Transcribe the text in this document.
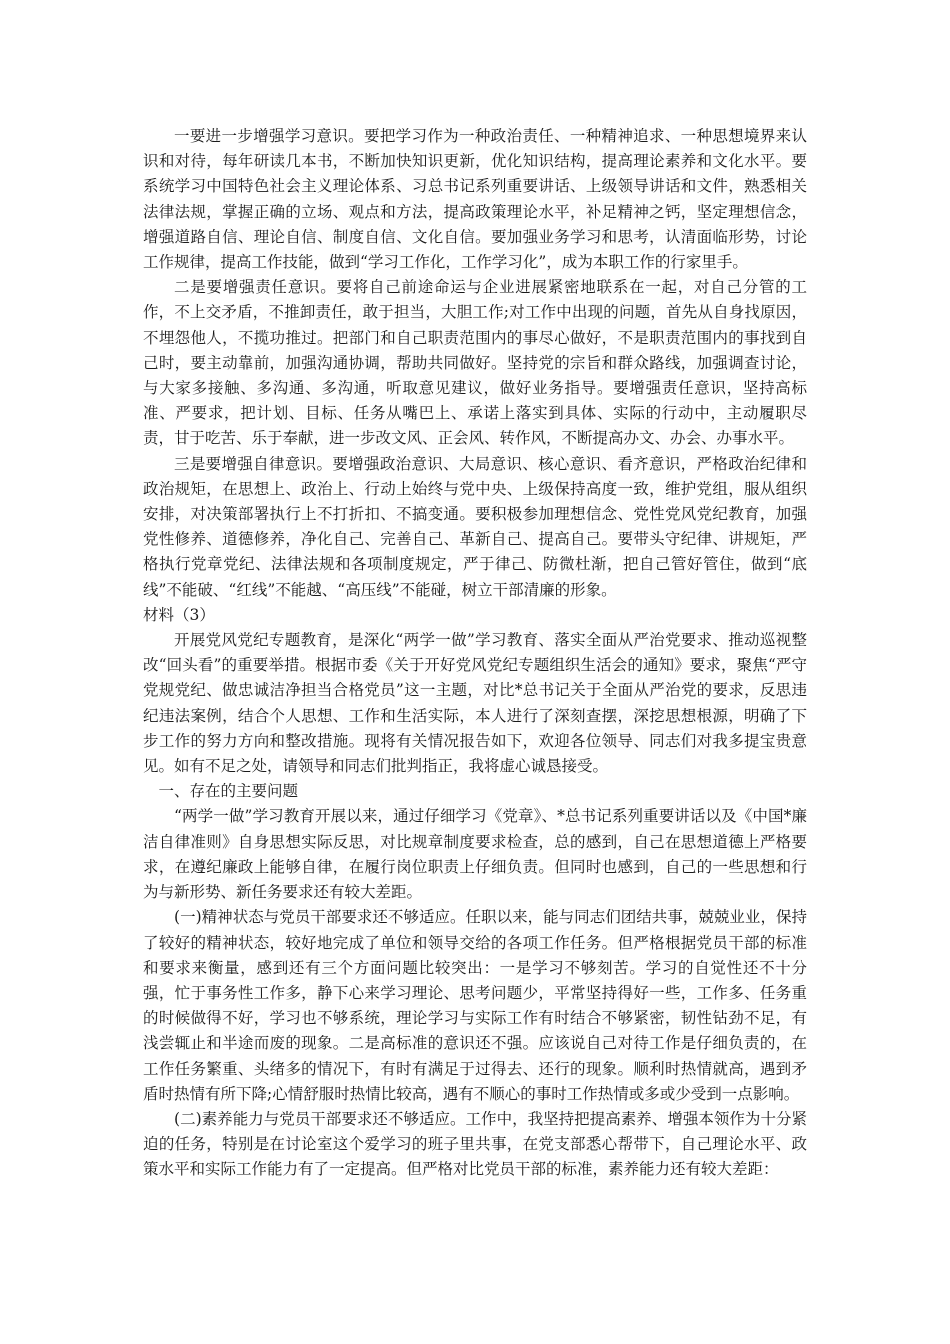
一要进一步增强学习意识。要把学习作为一种政治责任、一种精神追求、一种思想境界来认识和对待，每年研读几本书，不断加快知识更新，优化知识结构，提高理论素养和文化水平。要系统学习中国特色社会主义理论体系、习总书记系列重要讲话、上级领导讲话和文件，熟悉相关法律法规，掌握正确的立场、观点和方法，提高政策理论水平，补足精神之钙，坚定理想信念，增强道路自信、理论自信、制度自信、文化自信。要加强业务学习和思考，认清面临形势，讨论工作规律，提高工作技能，做到“学习工作化，工作学习化”，成为本职工作的行家里手。

二是要增强责任意识。要将自己前途命运与企业进展紧密地联系在一起，对自己分管的工作，不上交矛盾，不推卸责任，敢于担当，大胆工作;对工作中出现的问题，首先从自身找原因，不埋怨他人，不揽功推过。把部门和自己职责范围内的事尽心做好，不是职责范围内的事找到自己时，要主动靠前，加强沟通协调，帮助共同做好。坚持党的宗旨和群众路线，加强调查讨论，与大家多接触、多沟通、多沟通，听取意见建议，做好业务指导。要增强责任意识，坚持高标准、严要求，把计划、目标、任务从嘴巴上、承诺上落实到具体、实际的行动中，主动履职尽责，甘于吃苦、乐于奉献，进一步改文风、正会风、转作风，不断提高办文、办会、办事水平。

三是要增强自律意识。要增强政治意识、大局意识、核心意识、看齐意识，严格政治纪律和政治规矩，在思想上、政治上、行动上始终与党中央、上级保持高度一致，维护党组，服从组织安排，对决策部署执行上不打折扣、不搞变通。要积极参加理想信念、党性党风党纪教育，加强党性修养、道德修养，净化自己、完善自己、革新自己、提高自己。要带头守纪律、讲规矩，严格执行党章党纪、法律法规和各项制度规定，严于律己、防微杜渐，把自己管好管住，做到“底线”不能破、“红线”不能越、“高压线”不能碰，树立干部清廉的形象。

材料（3）

开展党风党纪专题教育，是深化“两学一做”学习教育、落实全面从严治党要求、推动巡视整改“回头看”的重要举措。根据市委《关于开好党风党纪专题组织生活会的通知》要求，聚焦“严守党规党纪、做忠诚洁净担当合格党员”这一主题，对比*总书记关于全面从严治党的要求，反思违纪违法案例，结合个人思想、工作和生活实际，本人进行了深刻查摆，深挖思想根源，明确了下步工作的努力方向和整改措施。现将有关情况报告如下，欢迎各位领导、同志们对我多提宝贵意见。如有不足之处，请领导和同志们批判指正，我将虚心诚恳接受。

一、存在的主要问题

“两学一做”学习教育开展以来，通过仔细学习《党章》、*总书记系列重要讲话以及《中国*廉洁自律准则》自身思想实际反思，对比规章制度要求检查，总的感到，自己在思想道德上严格要求，在遵纪廉政上能够自律，在履行岗位职责上仔细负责。但同时也感到，自己的一些思想和行为与新形势、新任务要求还有较大差距。

(一)精神状态与党员干部要求还不够适应。任职以来，能与同志们团结共事，兢兢业业，保持了较好的精神状态，较好地完成了单位和领导交给的各项工作任务。但严格根据党员干部的标准和要求来衡量，感到还有三个方面问题比较突出：一是学习不够刻苦。学习的自觉性还不十分强，忙于事务性工作多，静下心来学习理论、思考问题少，平常坚持得好一些，工作多、任务重的时候做得不好，学习也不够系统，理论学习与实际工作有时结合不够紧密，韧性钻劲不足，有浅尝辄止和半途而废的现象。二是高标准的意识还不强。应该说自己对待工作是仔细负责的，在工作任务繁重、头绪多的情况下，有时有满足于过得去、还行的现象。顺利时热情就高，遇到矛盾时热情有所下降;心情舒服时热情比较高，遇有不顺心的事时工作热情或多或少受到一点影响。

(二)素养能力与党员干部要求还不够适应。工作中，我坚持把提高素养、增强本领作为十分紧迫的任务，特别是在讨论室这个爱学习的班子里共事，在党支部悉心帮带下，自己理论水平、政策水平和实际工作能力有了一定提高。但严格对比党员干部的标准，素养能力还有较大差距：
